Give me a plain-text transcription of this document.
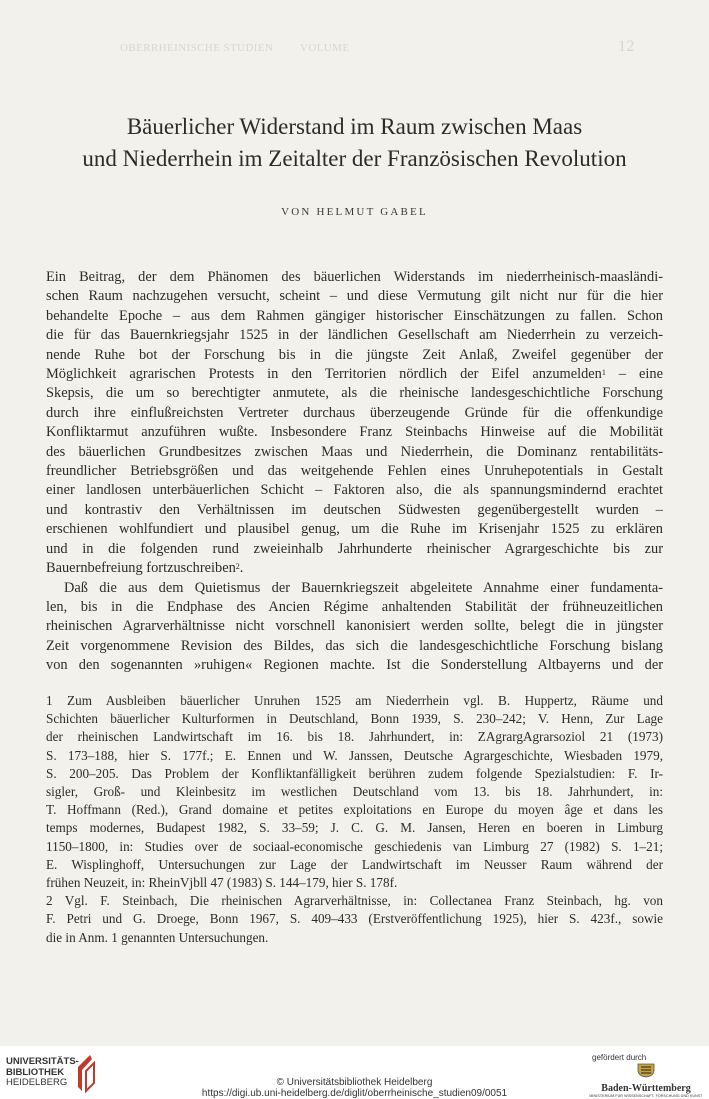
OBERRHEINISCHE STUDIEN VOLUME	12
Bäuerlicher Widerstand im Raum zwischen Maas
und Niederrhein im Zeitalter der Französischen Revolution
VON HELMUT GABEL

Ein Beitrag, der dem Phänomen des bäuerlichen Widerstands im niederrheinisch-maasländi-

schen Raum nachzugehen versucht, scheint – und diese Vermutung gilt nicht nur für die hier

behandelte Epoche – aus dem Rahmen gängiger historischer Einschätzungen zu fallen. Schon

die für das Bauernkriegsjahr 1525 in der ländlichen Gesellschaft am Niederrhein zu verzeich-

nende Ruhe bot der Forschung bis in die jüngste Zeit Anlaß, Zweifel gegenüber der

Möglichkeit agrarischen Protests in den Territorien nördlich der Eifel anzumelden$^1$ – eine

Skepsis, die um so berechtigter anmutete, als die rheinische landesgeschichtliche Forschung

durch ihre einflußreichsten Vertreter durchaus überzeugende Gründe für die offenkundige

Konfliktarmut anzuführen wußte. Insbesondere Franz Steinbachs Hinweise auf die Mobilität

des bäuerlichen Grundbesitzes zwischen Maas und Niederrhein, die Dominanz rentabilitäts-

freundlicher Betriebsgrößen und das weitgehende Fehlen eines Unruhepotentials in Gestalt

einer landlosen unterbäuerlichen Schicht – Faktoren also, die als spannungsmindernd erachtet

und kontrastiv den Verhältnissen im deutschen Südwesten gegenübergestellt wurden –

erschienen wohlfundiert und plausibel genug, um die Ruhe im Krisenjahr 1525 zu erklären

und in die folgenden rund zweieinhalb Jahrhunderte rheinischer Agrargeschichte bis zur

Bauernbefreiung fortzuschreiben$^2$.

Daß die aus dem Quietismus der Bauernkriegszeit abgeleitete Annahme einer fundamenta-

len, bis in die Endphase des Ancien Régime anhaltenden Stabilität der frühneuzeitlichen

rheinischen Agrarverhältnisse nicht vorschnell kanonisiert werden sollte, belegt die in jüngster

Zeit vorgenommene Revision des Bildes, das sich die landesgeschichtliche Forschung bislang

von den sogenannten »ruhigen« Regionen machte. Ist die Sonderstellung Altbayerns und der

1 Zum Ausbleiben bäuerlicher Unruhen 1525 am Niederrhein vgl. B. Huppertz, Räume und

Schichten bäuerlicher Kulturformen in Deutschland, Bonn 1939, S. 230–242; V. Henn, Zur Lage

der rheinischen Landwirtschaft im 16. bis 18. Jahrhundert, in: ZAgrargAgrarsoziol 21 (1973)

S. 173–188, hier S. 177f.; E. Ennen und W. Janssen, Deutsche Agrargeschichte, Wiesbaden 1979,

S. 200–205. Das Problem der Konfliktanfälligkeit berühren zudem folgende Spezialstudien: F. Ir-

sigler, Groß- und Kleinbesitz im westlichen Deutschland vom 13. bis 18. Jahrhundert, in:

T. Hoffmann (Red.), Grand domaine et petites exploitations en Europe du moyen âge et dans les

temps modernes, Budapest 1982, S. 33–59; J. C. G. M. Jansen, Heren en boeren in Limburg

1150–1800, in: Studies over de sociaal-economische geschiedenis van Limburg 27 (1982) S. 1–21;

E. Wisplinghoff, Untersuchungen zur Lage der Landwirtschaft im Neusser Raum während der

frühen Neuzeit, in: RheinVjbll 47 (1983) S. 144–179, hier S. 178f.

2 Vgl. F. Steinbach, Die rheinischen Agrarverhältnisse, in: Collectanea Franz Steinbach, hg. von

F. Petri und G. Droege, Bonn 1967, S. 409–433 (Erstveröffentlichung 1925), hier S. 423f., sowie

die in Anm. 1 genannten Untersuchungen.

UNIVERSITÄTS-
BIBLIOTHEK
HEIDELBERG	© Universitätsbibliothek Heidelberg
https://digi.ub.uni-heidelberg.de/diglit/oberrheinische_studien09/0051
gefördert durch
Baden-Württemberg
MINISTERIUM FÜR WISSENSCHAFT, FORSCHUNG UND KUNST
